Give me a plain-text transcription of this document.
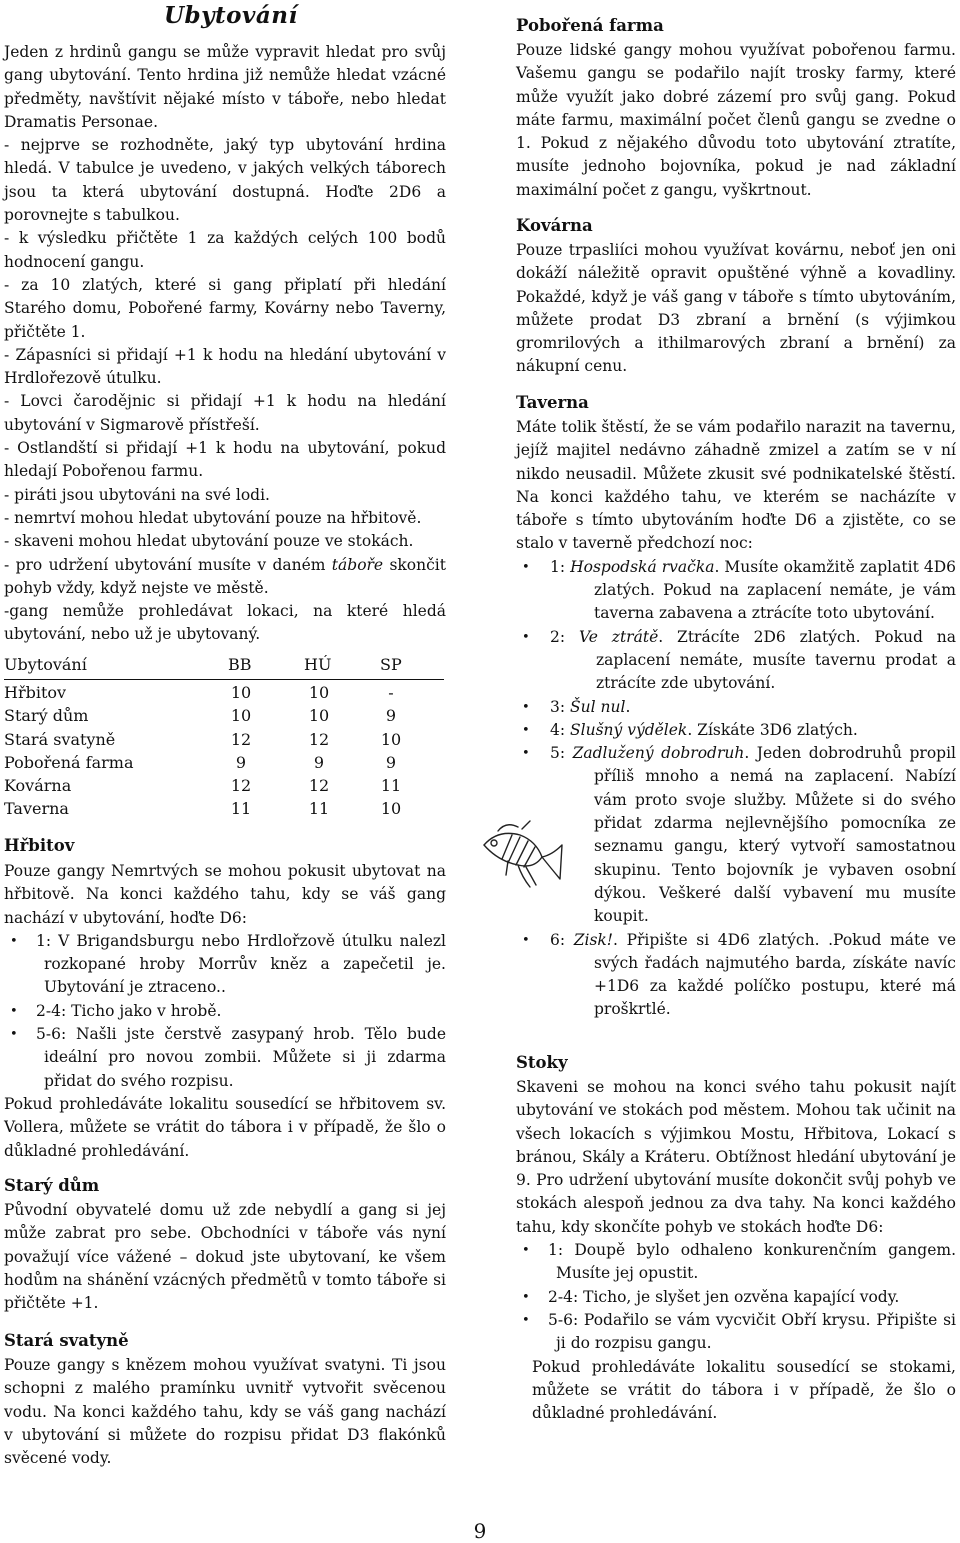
Ubytování

Jeden z hrdinů gangu se může vypravit hledat pro svůj gang ubytování. Tento hrdina již nemůže hledat vzácné předměty, navštívit nějaké místo v táboře, nebo hledat Dramatis Personae.

- nejprve se rozhodněte, jaký typ ubytování hrdina hledá. V tabulce je uvedeno, v jakých velkých táborech jsou ta která ubytování dostupná. Hoďte 2D6 a porovnejte s tabulkou.

- k výsledku přičtěte 1 za každých celých 100 bodů hodnocení gangu.

- za 10 zlatých, které si gang připlatí při hledání Starého domu, Pobořené farmy, Kovárny nebo Taverny, přičtěte 1.

- Zápasníci si přidají +1 k hodu na hledání ubytování v Hrdlořezově útulku.

- Lovci čarodějnic si přidají +1 k hodu na hledání ubytování v Sigmarově přístřeší.

- Ostlandští si přidají +1 k hodu na ubytování, pokud hledají Pobořenou farmu.

- piráti jsou ubytováni na své lodi.

- nemrtví mohou hledat ubytování pouze na hřbitově.

- skaveni mohou hledat ubytování pouze ve stokách.

- pro udržení ubytování musíte v daném táboře skončit pohyb vždy, když nejste ve městě.

-gang nemůže prohledávat lokaci, na které hledá ubytování, nebo už je ubytovaný.

Ubytování	BB	HÚ	SP
Hřbitov	10	10	-
Starý dům	10	10	9
Stará svatyně	12	12	10
Pobořená farma	9	9	9
Kovárna	12	12	11
Taverna	11	11	10
Hřbitov

Pouze gangy Nemrtvých se mohou pokusit ubytovat na hřbitově. Na konci každého tahu, kdy se váš gang nachází v ubytování, hoďte D6:

• 1: V Brigandsburgu nebo Hrdlořzově útulku nalezl rozkopané hroby Morrův kněz a zapečetil je. Ubytování je ztraceno..
• 2-4: Ticho jako v hrobě.
• 5-6: Našli jste čerstvě zasypaný hrob. Tělo bude ideální pro novou zombii. Můžete si ji zdarma přidat do svého rozpisu.

Pokud prohledáváte lokalitu sousedící se hřbitovem sv. Vollera, můžete se vrátit do tábora i v případě, že šlo o důkladné prohledávání.

Starý dům

Původní obyvatelé domu už zde nebydlí a gang si jej může zabrat pro sebe. Obchodníci v táboře vás nyní považují více vážené – dokud jste ubytovaní, ke všem hodům na shánění vzácných předmětů v tomto táboře si přičtěte +1.

Stará svatyně

Pouze gangy s knězem mohou využívat svatyni. Ti jsou schopni z malého pramínku uvnitř vytvořit svěcenou vodu. Na konci každého tahu, kdy se váš gang nachází v ubytování si můžete do rozpisu přidat D3 flakónků svěcené vody.

Pobořená farma

Pouze lidské gangy mohou využívat pobořenou farmu. Vašemu gangu se podařilo najít trosky farmy, které může využít jako dobré zázemí pro svůj gang. Pokud máte farmu, maximální počet členů gangu se zvedne o 1. Pokud z nějakého důvodu toto ubytování ztratíte, musíte jednoho bojovníka, pokud je nad základní maximální počet z gangu, vyškrtnout.

Kovárna

Pouze trpasliíci mohou využívat kovárnu, neboť jen oni dokáží náležitě opravit opuštěné výhně a kovadliny. Pokaždé, když je váš gang v táboře s tímto ubytováním, můžete prodat D3 zbraní a brnění (s výjimkou gromrilových a ithilmarových zbraní a brnění) za nákupní cenu.

Taverna

Máte tolik štěstí, že se vám podařilo narazit na tavernu, jejíž majitel nedávno záhadně zmizel a zatím se v ní nikdo neusadil. Můžete zkusit své podnikatelské štěstí. Na konci každého tahu, ve kterém se nacházíte v táboře s tímto ubytováním hoďte D6 a zjistěte, co se stalo v taverně předchozí noc:

• 1: Hospodská rvačka. Musíte okamžitě zaplatit 4D6 zlatých. Pokud na zaplacení nemáte, je vám taverna zabavena a ztrácíte toto ubytování.
• 2: Ve ztrátě. Ztrácíte 2D6 zlatých. Pokud na zaplacení nemáte, musíte tavernu prodat a ztrácíte zde ubytování.
• 3: Šul nul.
• 4: Slušný výdělek. Získáte 3D6 zlatých.
• 5: Zadlužený dobrodruh. Jeden dobrodruhů propil příliš mnoho a nemá na zaplacení. Nabízí vám proto svoje služby. Můžete si do svého přidat zdarma nejlevnějšího pomocníka ze seznamu gangu, který vytvoří samostatnou skupinu. Tento bojovník je vybaven osobní dýkou. Veškeré další vybavení mu musíte koupit.
• 6: Zisk!. Připište si 4D6 zlatých. .Pokud máte ve svých řadách najmutého barda, získáte navíc +1D6 za každé políčko postupu, které má proškrtlé.
Stoky

Skaveni se mohou na konci svého tahu pokusit najít ubytování ve stokách pod městem. Mohou tak učinit na všech lokacích s výjimkou Mostu, Hřbitova, Lokací s bránou, Skály a Kráteru. Obtížnost hledání ubytování je 9. Pro udržení ubytování musíte dokončit svůj pohyb ve stokách alespoň jednou za dva tahy. Na konci každého tahu, kdy skončíte pohyb ve stokách hoďte D6:

• 1: Doupě bylo odhaleno konkurenčním gangem. Musíte jej opustit.
• 2-4: Ticho, je slyšet jen ozvěna kapající vody.
• 5-6: Podařilo se vám vycvičit Obří krysu. Připište si ji do rozpisu gangu.

Pokud prohledáváte lokalitu sousedící se stokami, můžete se vrátit do tábora i v případě, že šlo o důkladné prohledávání.

9
